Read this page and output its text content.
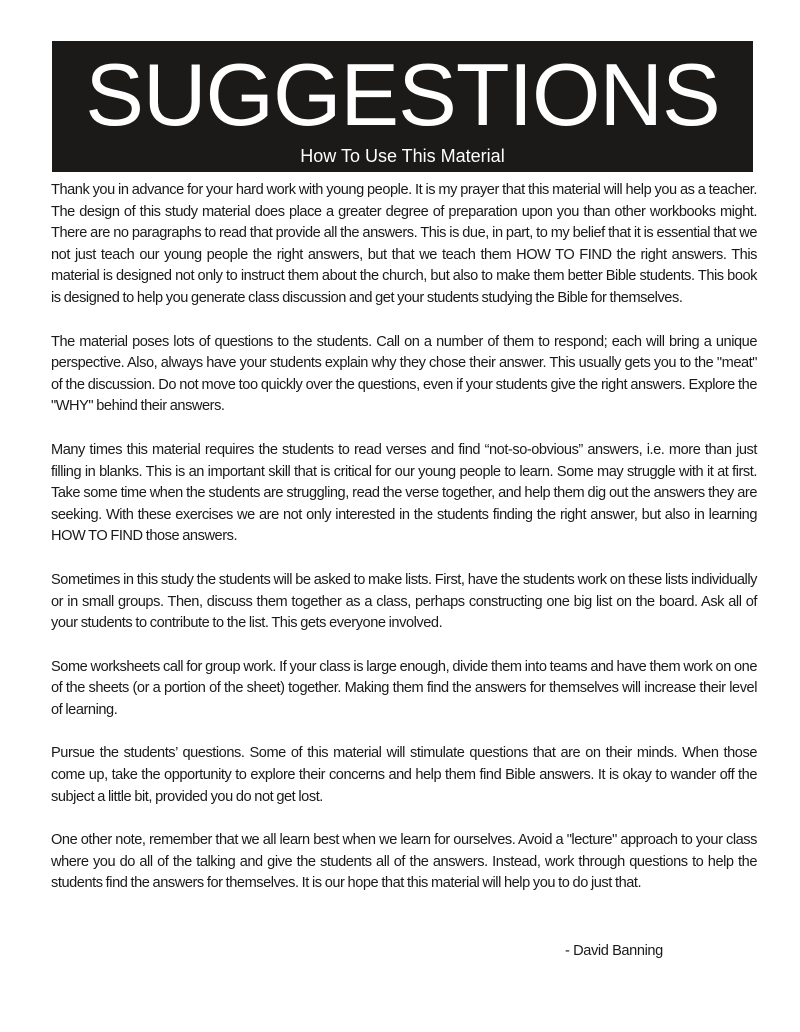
SUGGESTIONS
How To Use This Material

Thank you in advance for your hard work with young people. It is my prayer that this material will help you as a teacher. The design of this study material does place a greater degree of preparation upon you than other workbooks might. There are no paragraphs to read that provide all the answers. This is due, in part, to my belief that it is essential that we not just teach our young people the right answers, but that we teach them HOW TO FIND the right answers. This material is designed not only to instruct them about the church, but also to make them better Bible students. This book is designed to help you generate class discussion and get your students studying the Bible for themselves.

The material poses lots of questions to the students. Call on a number of them to respond; each will bring a unique perspective. Also, always have your students explain why they chose their answer. This usually gets you to the "meat" of the discussion. Do not move too quickly over the questions, even if your students give the right answers. Explore the "WHY" behind their answers.

Many times this material requires the students to read verses and find “not-so-obvious” answers, i.e. more than just filling in blanks. This is an important skill that is critical for our young people to learn. Some may struggle with it at first. Take some time when the students are struggling, read the verse together, and help them dig out the answers they are seeking. With these exercises we are not only interested in the students finding the right answer, but also in learning HOW TO FIND those answers.

Sometimes in this study the students will be asked to make lists. First, have the students work on these lists individually or in small groups. Then, discuss them together as a class, perhaps constructing one big list on the board. Ask all of your students to contribute to the list. This gets everyone involved.

Some worksheets call for group work. If your class is large enough, divide them into teams and have them work on one of the sheets (or a portion of the sheet) together. Making them find the answers for themselves will increase their level of learning.

Pursue the students’ questions. Some of this material will stimulate questions that are on their minds. When those come up, take the opportunity to explore their concerns and help them find Bible answers. It is okay to wander off the subject a little bit, provided you do not get lost.

One other note, remember that we all learn best when we learn for ourselves. Avoid a "lecture" approach to your class where you do all of the talking and give the students all of the answers. Instead, work through questions to help the students find the answers for themselves. It is our hope that this material will help you to do just that.

- David Banning
